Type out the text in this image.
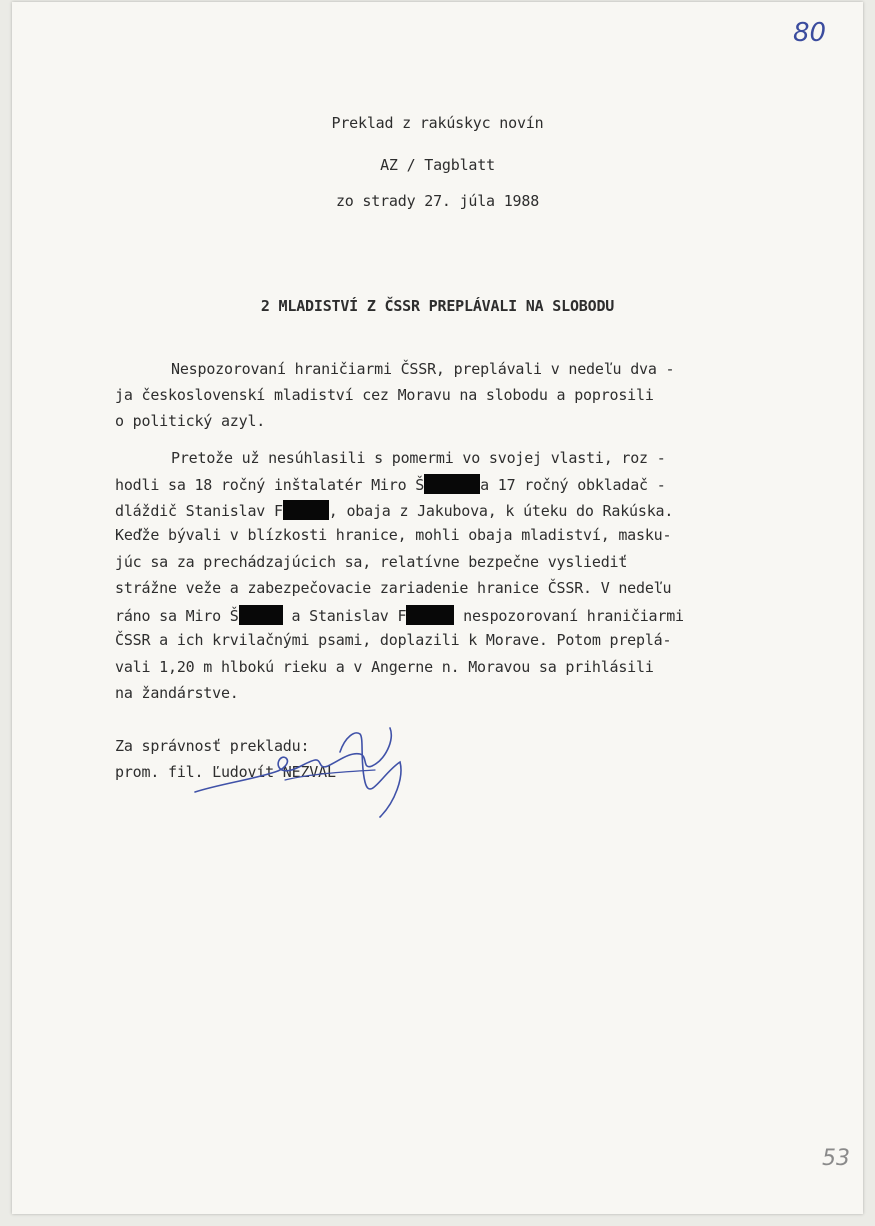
80
Preklad z rakúskyc novín
AZ / Tagblatt
zo strady 27. júla 1988
2 MLADISTVÍ Z ČSSR PREPLÁVALI NA SLOBODU
Nespozorovaní hraničiarmi ČSSR, preplávali v nedeľu dva -
ja československí mladiství cez Moravu na slobodu a poprosili
o politický azyl.
Pretože už nesúhlasili s pomermi vo svojej vlasti, roz -
hodli sa 18 ročný inštalatér Miro Š	a 17 ročný obkladač -
dláždič Stanislav F	, obaja z Jakubova, k úteku do Rakúska.
Keďže bývali v blízkosti hranice, mohli obaja mladiství, masku-
júc sa za prechádzajúcich sa, relatívne bezpečne vysliediť
strážne veže a zabezpečovacie zariadenie hranice ČSSR. V nedeľu
ráno sa Miro Š	a Stanislav F	nespozorovaní hraničiarmi
ČSSR a ich krvilačnými psami, doplazili k Morave. Potom preplá-
vali 1,20 m hlbokú rieku a v Angerne n. Moravou sa prihlásili
na žandárstve.
Za správnosť prekladu:
prom. fil. Ľudovít NEZVAL
53
